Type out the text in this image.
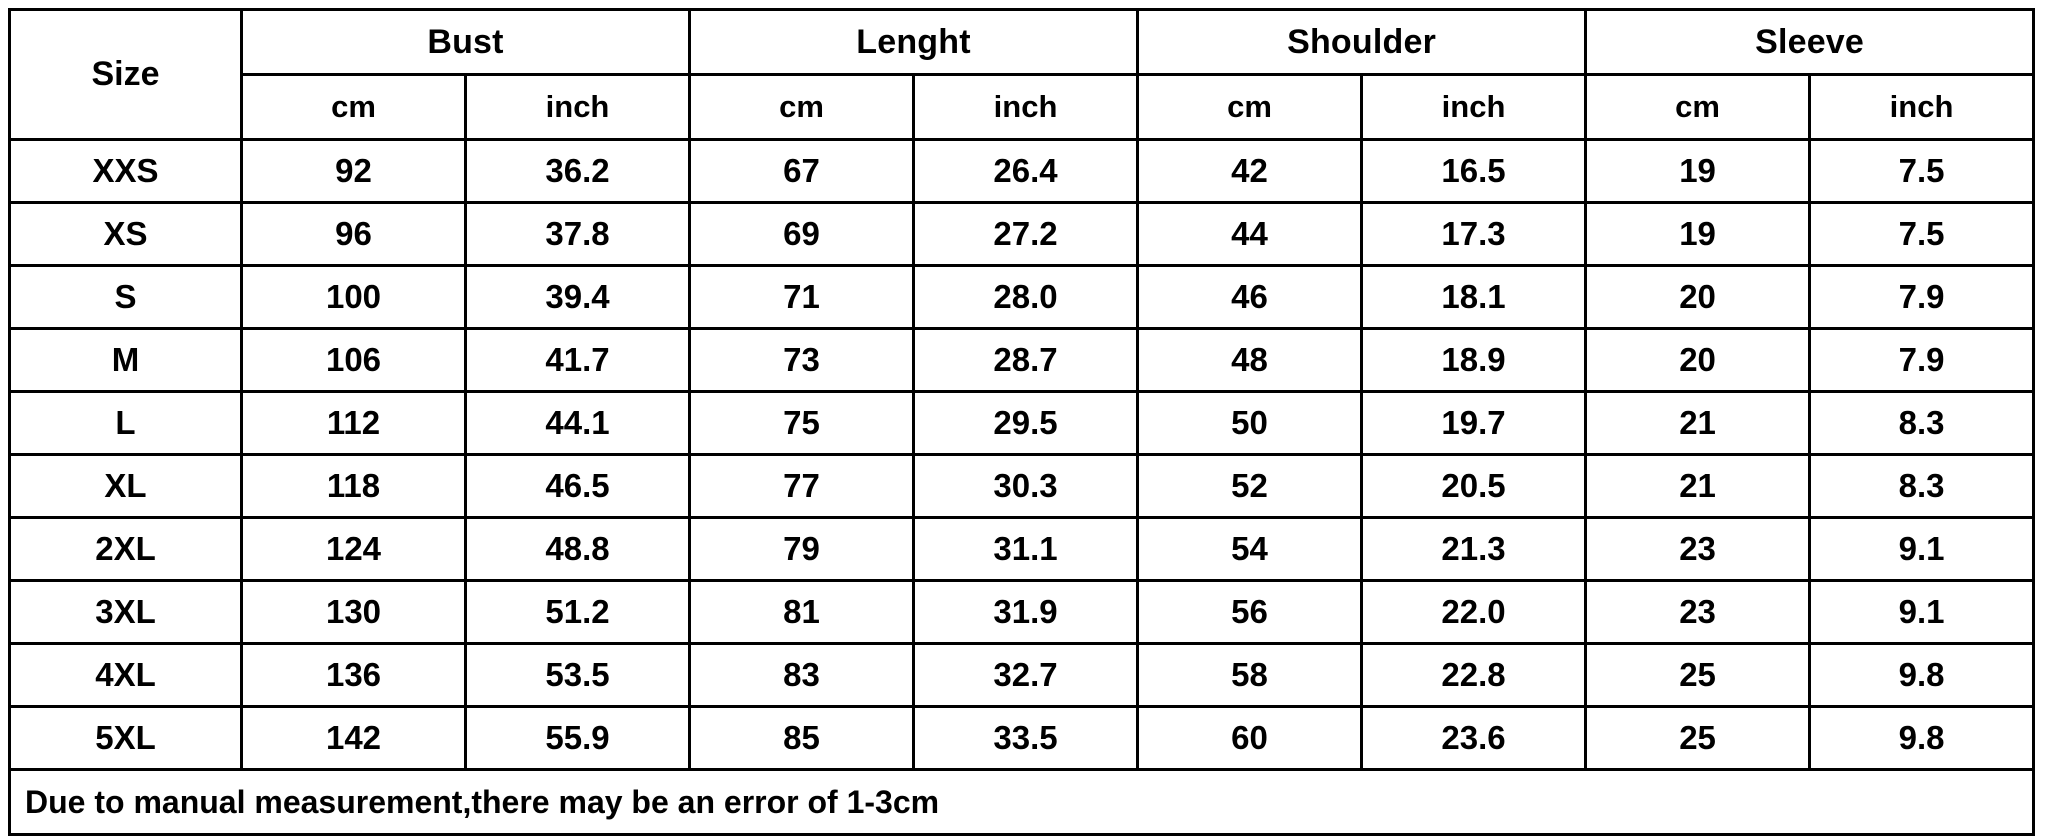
Size	Bust		Lenght		Shoulder		Sleeve	
	cm	inch	cm	inch	cm	inch	cm	inch
XXS	92	36.2	67	26.4	42	16.5	19	7.5
XS	96	37.8	69	27.2	44	17.3	19	7.5
S	100	39.4	71	28.0	46	18.1	20	7.9
M	106	41.7	73	28.7	48	18.9	20	7.9
L	112	44.1	75	29.5	50	19.7	21	8.3
XL	118	46.5	77	30.3	52	20.5	21	8.3
2XL	124	48.8	79	31.1	54	21.3	23	9.1
3XL	130	51.2	81	31.9	56	22.0	23	9.1
4XL	136	53.5	83	32.7	58	22.8	25	9.8
5XL	142	55.9	85	33.5	60	23.6	25	9.8
Due to manual measurement,there may be an error of 1-3cm								
